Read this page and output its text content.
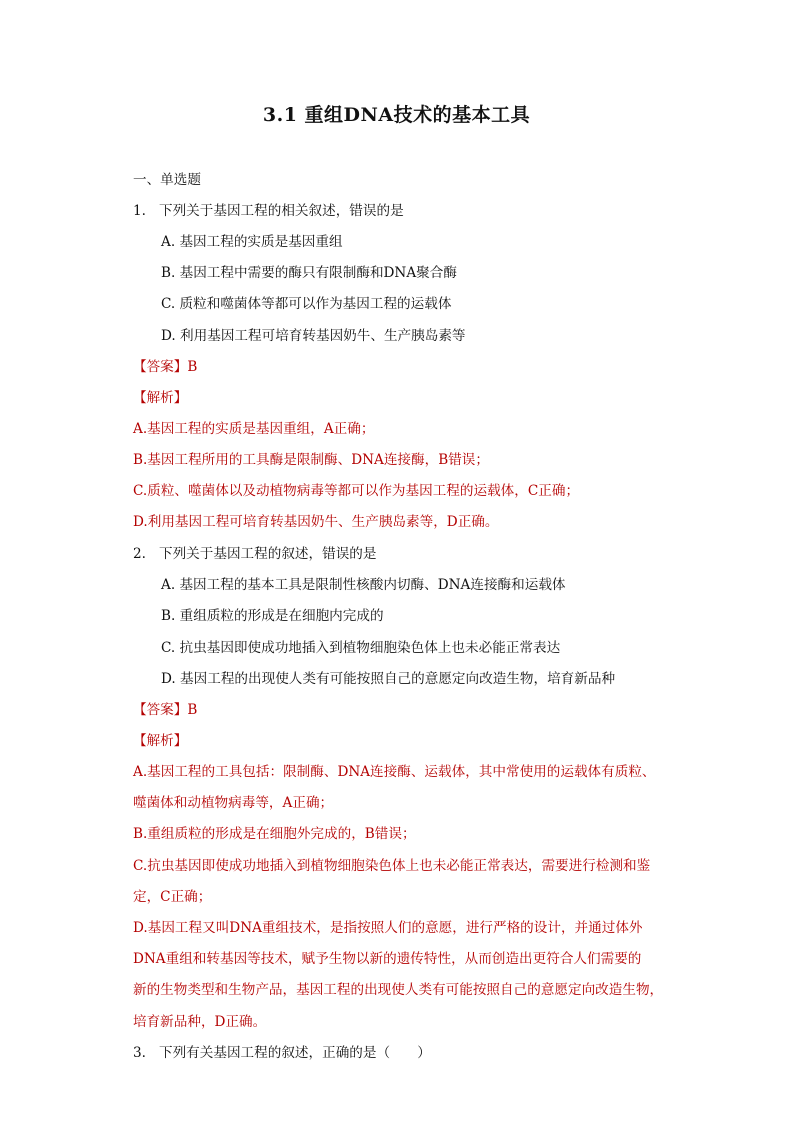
3.1 重组DNA技术的基本工具
一、单选题
1. 下列关于基因工程的相关叙述，错误的是
A. 基因工程的实质是基因重组
B. 基因工程中需要的酶只有限制酶和DNA聚合酶
C. 质粒和噬菌体等都可以作为基因工程的运载体
D. 利用基因工程可培育转基因奶牛、生产胰岛素等
【答案】B
【解析】
A.基因工程的实质是基因重组，A正确；
B.基因工程所用的工具酶是限制酶、DNA连接酶，B错误；
C.质粒、噬菌体以及动植物病毒等都可以作为基因工程的运载体，C正确；
D.利用基因工程可培育转基因奶牛、生产胰岛素等，D正确。
2. 下列关于基因工程的叙述，错误的是
A. 基因工程的基本工具是限制性核酸内切酶、DNA连接酶和运载体
B. 重组质粒的形成是在细胞内完成的
C. 抗虫基因即使成功地插入到植物细胞染色体上也未必能正常表达
D. 基因工程的出现使人类有可能按照自己的意愿定向改造生物，培育新品种
【答案】B
【解析】
A.基因工程的工具包括：限制酶、DNA连接酶、运载体，其中常使用的运载体有质粒、
噬菌体和动植物病毒等，A正确；
B.重组质粒的形成是在细胞外完成的，B错误；
C.抗虫基因即使成功地插入到植物细胞染色体上也未必能正常表达，需要进行检测和鉴
定，C正确；
D.基因工程又叫DNA重组技术，是指按照人们的意愿，进行严格的设计，并通过体外
DNA重组和转基因等技术，赋予生物以新的遗传特性，从而创造出更符合人们需要的
新的生物类型和生物产品，基因工程的出现使人类有可能按照自己的意愿定向改造生物，
培育新品种，D正确。
3. 下列有关基因工程的叙述，正确的是（　　）
